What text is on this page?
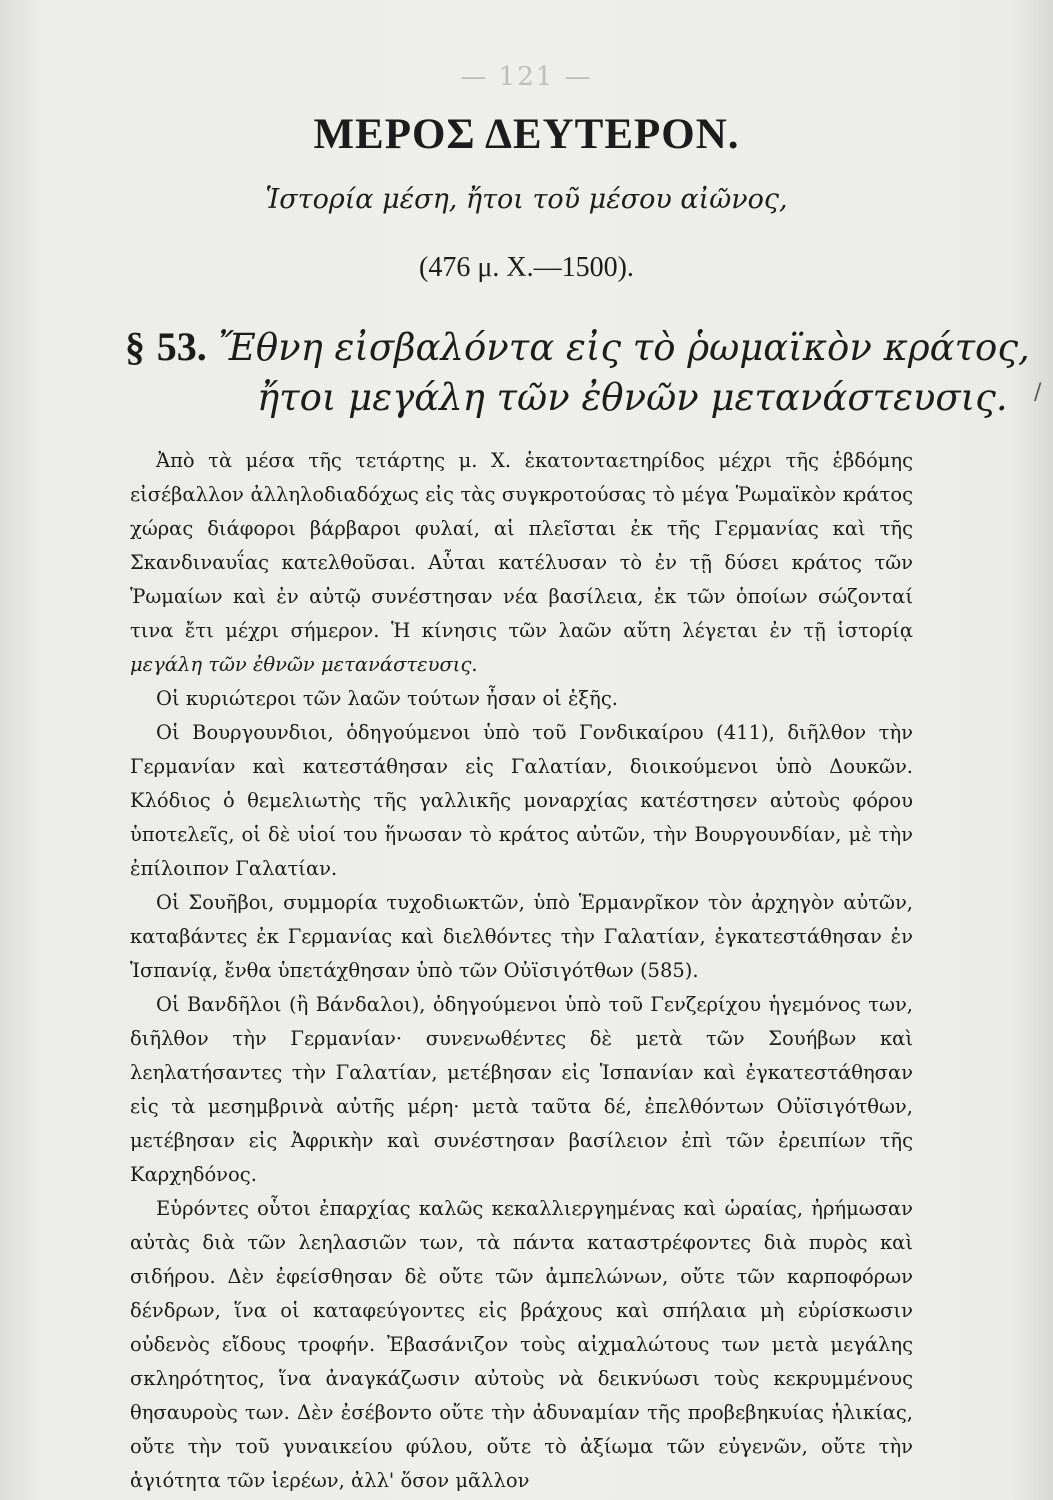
— 121 —
ΜΕΡΟΣ ΔΕΥΤΕΡΟΝ.
Ἱστορία μέση, ἤτοι τοῦ μέσου αἰῶνος,
(476 μ. Χ.—1500).
§ 53. Ἔθνη εἰσβαλόντα εἰς τὸ ῥωμαϊκὸν κράτος,
ἤτοι μεγάλη τῶν ἐθνῶν μετανάστευσις.

Ἀπὸ τὰ μέσα τῆς τετάρτης μ. Χ. ἑκατονταετηρίδος μέχρι τῆς ἑβδόμης εἰσέβαλλον ἀλληλοδιαδόχως εἰς τὰς συγκροτούσας τὸ μέγα Ῥωμαϊκὸν κράτος χώρας διάφοροι βάρβαροι φυλαί, αἱ πλεῖσται ἐκ τῆς Γερμανίας καὶ τῆς Σκανδιναυΐας κατελθοῦσαι. Αὗται κατέλυσαν τὸ ἐν τῇ δύσει κράτος τῶν Ῥωμαίων καὶ ἐν αὐτῷ συνέστησαν νέα βασίλεια, ἐκ τῶν ὁποίων σώζονταί τινα ἔτι μέχρι σήμερον. Ἡ κίνησις τῶν λαῶν αὕτη λέγεται ἐν τῇ ἱστορίᾳ μεγάλη τῶν ἐθνῶν μετανάστευσις.

Οἱ κυριώτεροι τῶν λαῶν τούτων ἦσαν οἱ ἑξῆς.

Οἱ Βουργουνδιοι, ὁδηγούμενοι ὑπὸ τοῦ Γονδικαίρου (411), διῆλθον τὴν Γερμανίαν καὶ κατεστάθησαν εἰς Γαλατίαν, διοικούμενοι ὑπὸ Δουκῶν. Κλόδιος ὁ θεμελιωτὴς τῆς γαλλικῆς μοναρχίας κατέστησεν αὐτοὺς φόρου ὑποτελεῖς, οἱ δὲ υἱοί του ἥνωσαν τὸ κράτος αὐτῶν, τὴν Βουργουνδίαν, μὲ τὴν ἐπίλοιπον Γαλατίαν.

Οἱ Σουῆβοι, συμμορία τυχοδιωκτῶν, ὑπὸ Ἑρμανρῖκον τὸν ἀρχηγὸν αὐτῶν, καταβάντες ἐκ Γερμανίας καὶ διελθόντες τὴν Γαλατίαν, ἐγκατεστάθησαν ἐν Ἱσπανίᾳ, ἔνθα ὑπετάχθησαν ὑπὸ τῶν Οὐϊσιγότθων (585).

Οἱ Βανδῆλοι (ἢ Βάνδαλοι), ὁδηγούμενοι ὑπὸ τοῦ Γενζερίχου ἡγεμόνος των, διῆλθον τὴν Γερμανίαν· συνενωθέντες δὲ μετὰ τῶν Σουήβων καὶ λεηλατήσαντες τὴν Γαλατίαν, μετέβησαν εἰς Ἱσπανίαν καὶ ἐγκατεστάθησαν εἰς τὰ μεσημβρινὰ αὐτῆς μέρη· μετὰ ταῦτα δέ, ἐπελθόντων Οὐϊσιγότθων, μετέβησαν εἰς Ἀφρικὴν καὶ συνέστησαν βασίλειον ἐπὶ τῶν ἐρειπίων τῆς Καρχηδόνος.

Εὑρόντες οὗτοι ἐπαρχίας καλῶς κεκαλλιεργημένας καὶ ὡραίας, ἠρήμωσαν αὐτὰς διὰ τῶν λεηλασιῶν των, τὰ πάντα καταστρέφοντες διὰ πυρὸς καὶ σιδήρου. Δὲν ἐφείσθησαν δὲ οὔτε τῶν ἀμπελώνων, οὔτε τῶν καρποφόρων δένδρων, ἵνα οἱ καταφεύγοντες εἰς βράχους καὶ σπήλαια μὴ εὑρίσκωσιν οὐδενὸς εἴδους τροφήν. Ἐβασάνιζον τοὺς αἰχμαλώτους των μετὰ μεγάλης σκληρότητος, ἵνα ἀναγκάζωσιν αὐτοὺς νὰ δεικνύωσι τοὺς κεκρυμμένους θησαυροὺς των. Δὲν ἐσέβοντο οὔτε τὴν ἀδυναμίαν τῆς προβεβηκυίας ἡλικίας, οὔτε τὴν τοῦ γυναικείου φύλου, οὔτε τὸ ἀξίωμα τῶν εὐγενῶν, οὔτε τὴν ἁγιότητα τῶν ἱερέων, ἀλλ' ὅσον μᾶλλον

/
